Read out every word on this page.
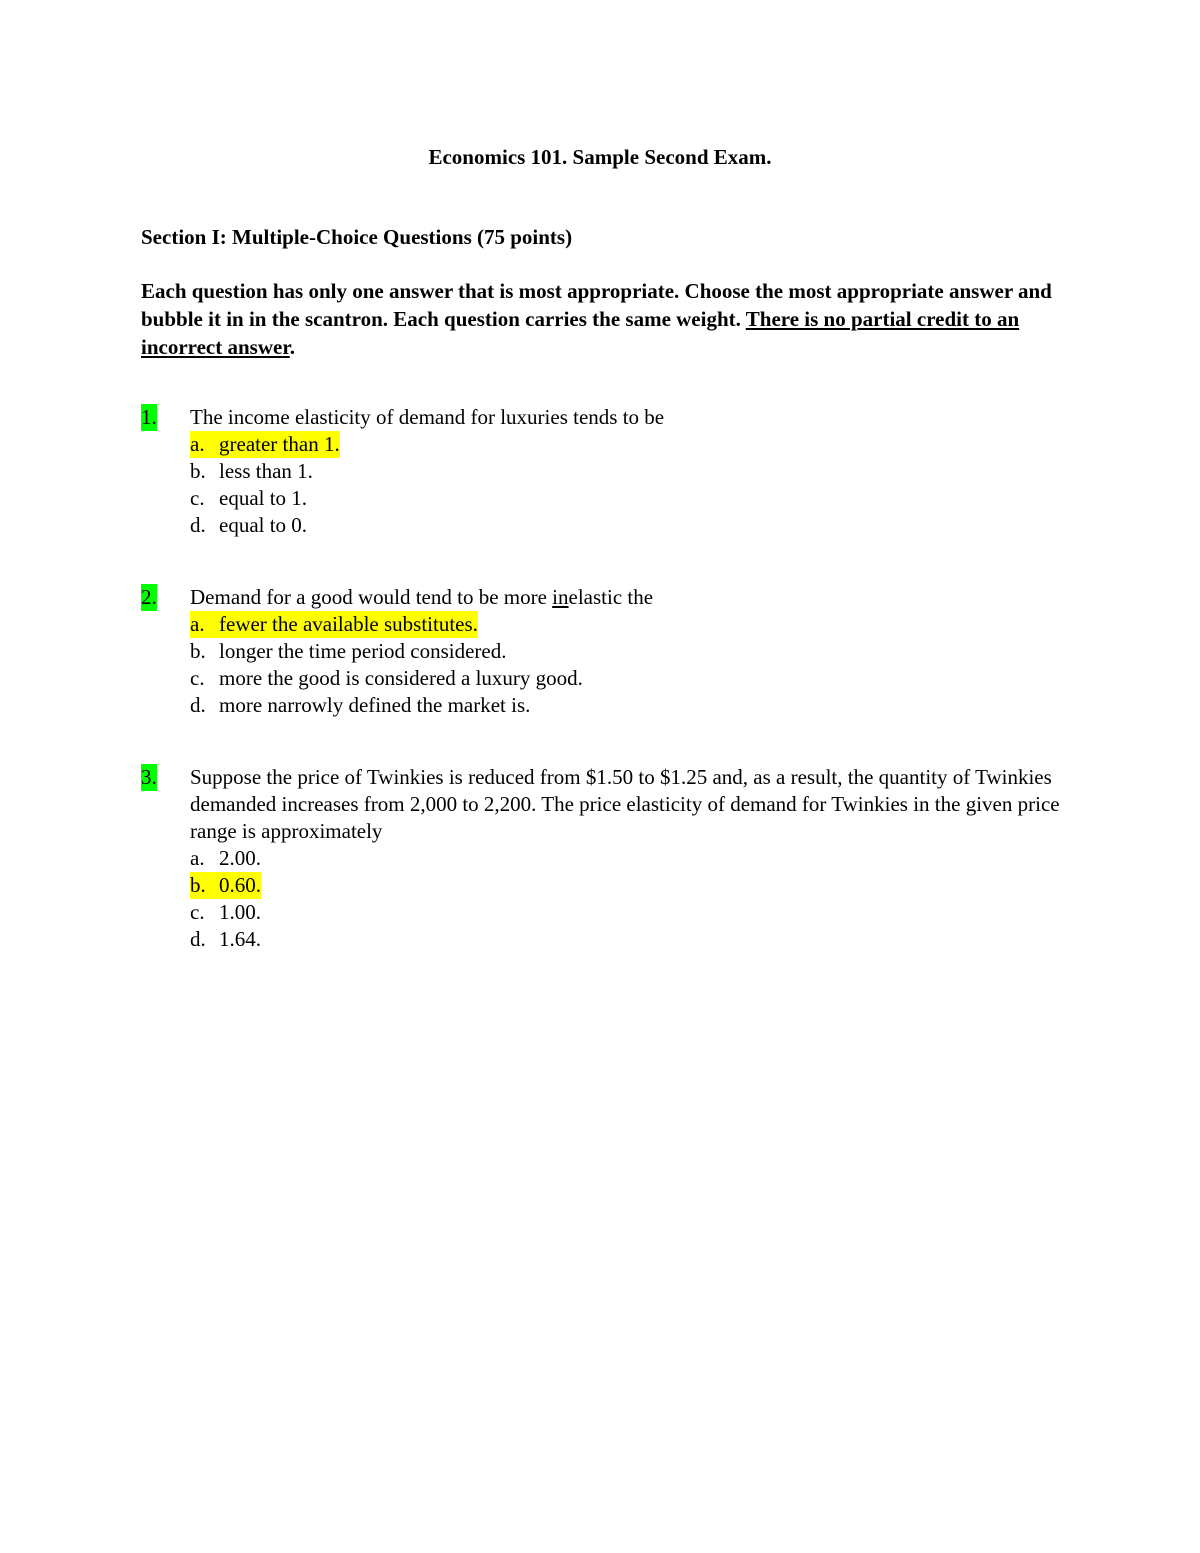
Economics 101. Sample Second Exam.
Section I: Multiple-Choice Questions (75 points)
Each question has only one answer that is most appropriate. Choose the most appropriate answer and bubble it in in the scantron. Each question carries the same weight. There is no partial credit to an incorrect answer.
1. The income elasticity of demand for luxuries tends to be
a. greater than 1.
b. less than 1.
c. equal to 1.
d. equal to 0.
2. Demand for a good would tend to be more inelastic the
a. fewer the available substitutes.
b. longer the time period considered.
c. more the good is considered a luxury good.
d. more narrowly defined the market is.
3. Suppose the price of Twinkies is reduced from $1.50 to $1.25 and, as a result, the quantity of Twinkies demanded increases from 2,000 to 2,200. The price elasticity of demand for Twinkies in the given price range is approximately
a. 2.00.
b. 0.60.
c. 1.00.
d. 1.64.
